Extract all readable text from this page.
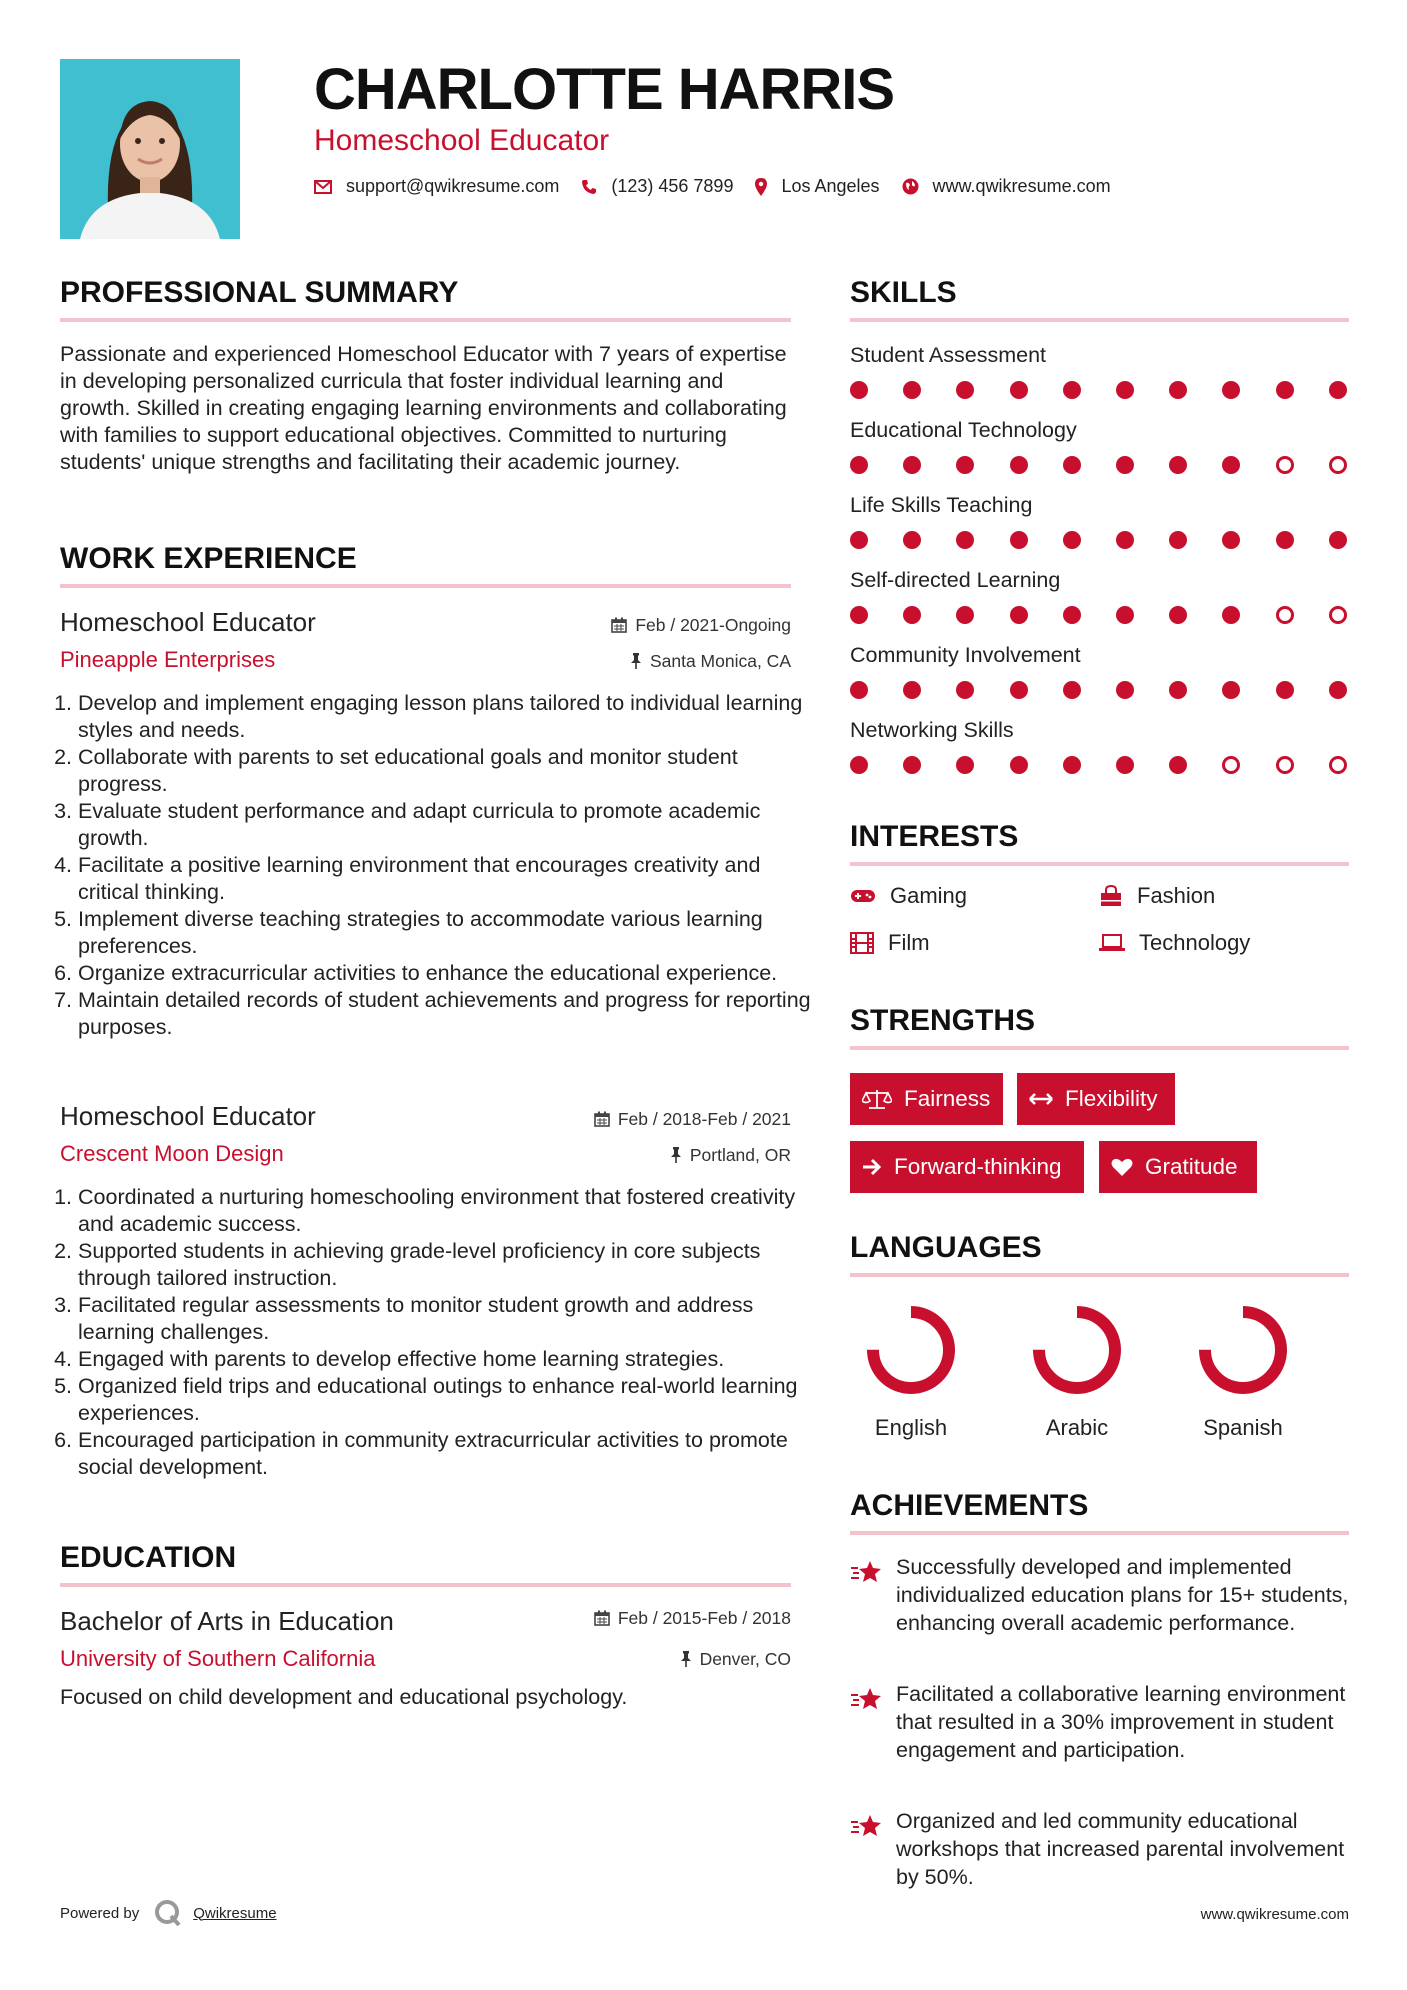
CHARLOTTE HARRIS
Homeschool Educator
support@qwikresume.com	(123) 456 7899	Los Angeles	www.qwikresume.com
PROFESSIONAL SUMMARY
Passionate and experienced Homeschool Educator with 7 years of expertise in developing personalized curricula that foster individual learning and growth. Skilled in creating engaging learning environments and collaborating with families to support educational objectives. Committed to nurturing students' unique strengths and facilitating their academic journey.
WORK EXPERIENCE
Homeschool Educator	Feb / 2021-Ongoing
Pineapple Enterprises	Santa Monica, CA
1. Develop and implement engaging lesson plans tailored to individual learning styles and needs.
2. Collaborate with parents to set educational goals and monitor student progress.
3. Evaluate student performance and adapt curricula to promote academic growth.
4. Facilitate a positive learning environment that encourages creativity and critical thinking.
5. Implement diverse teaching strategies to accommodate various learning preferences.
6. Organize extracurricular activities to enhance the educational experience.
7. Maintain detailed records of student achievements and progress for reporting purposes.
Homeschool Educator	Feb / 2018-Feb / 2021
Crescent Moon Design	Portland, OR
1. Coordinated a nurturing homeschooling environment that fostered creativity and academic success.
2. Supported students in achieving grade-level proficiency in core subjects through tailored instruction.
3. Facilitated regular assessments to monitor student growth and address learning challenges.
4. Engaged with parents to develop effective home learning strategies.
5. Organized field trips and educational outings to enhance real-world learning experiences.
6. Encouraged participation in community extracurricular activities to promote social development.
EDUCATION
Bachelor of Arts in Education	Feb / 2015-Feb / 2018
University of Southern California	Denver, CO
Focused on child development and educational psychology.
SKILLS
Student Assessment
Educational Technology
Life Skills Teaching
Self-directed Learning
Community Involvement
Networking Skills
INTERESTS
Gaming	Fashion
Film	Technology
STRENGTHS
Fairness	Flexibility
Forward-thinking	Gratitude
LANGUAGES
English	Arabic	Spanish
ACHIEVEMENTS
Successfully developed and implemented individualized education plans for 15+ students, enhancing overall academic performance.
Facilitated a collaborative learning environment that resulted in a 30% improvement in student engagement and participation.
Organized and led community educational workshops that increased parental involvement by 50%.
Powered by	Qwikresume	www.qwikresume.com
